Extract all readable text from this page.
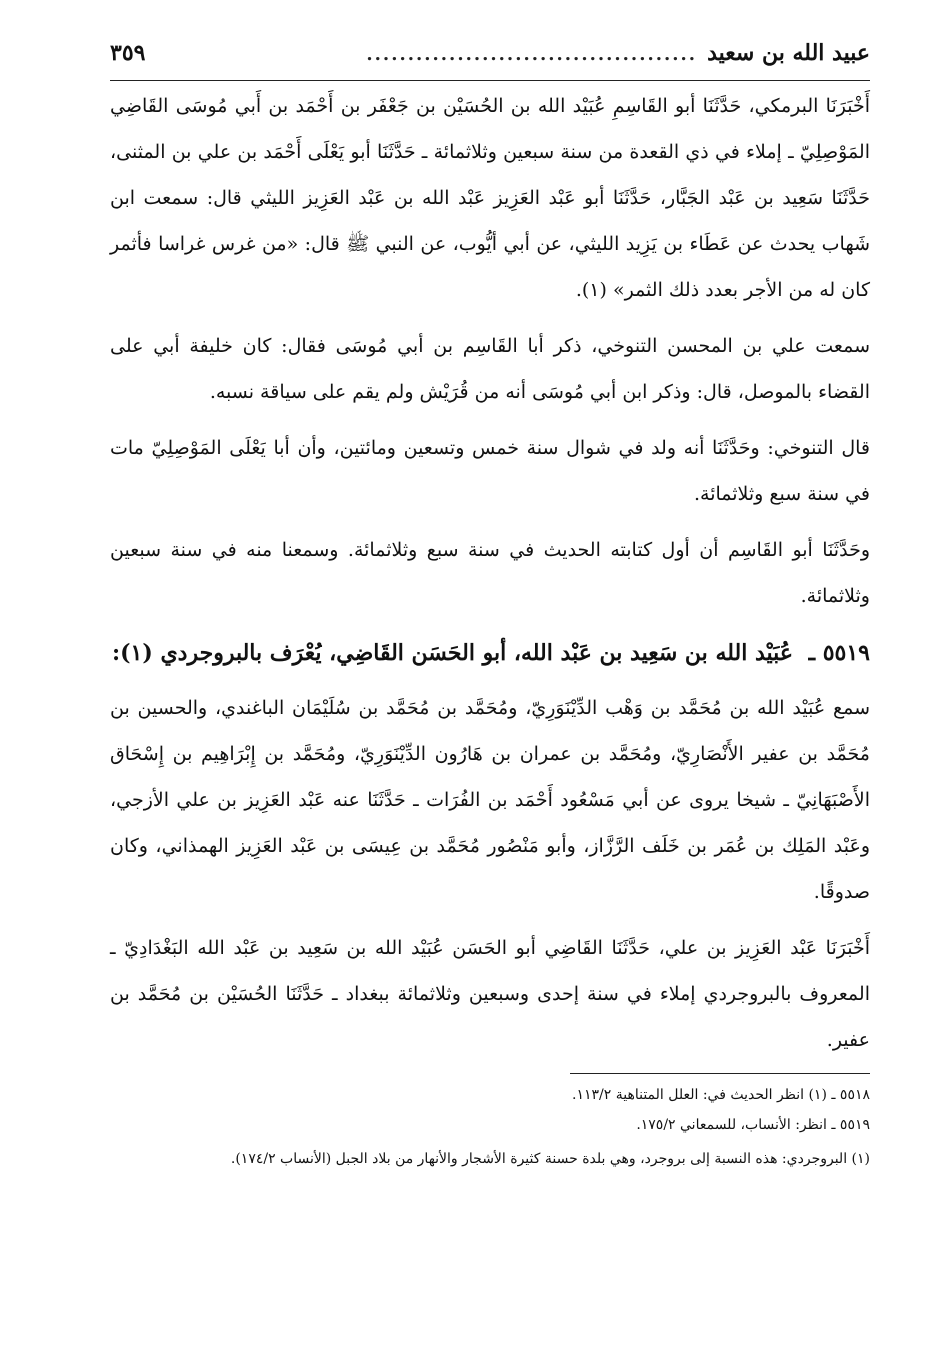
عبيد الله بن سعيد
........................................
٣٥٩

أَخْبَرَنَا البرمكي، حَدَّثَنَا أبو القَاسِمِ عُبَيْد الله بن الحُسَيْن بن جَعْفَر بن أَحْمَد بن أَبي مُوسَى القَاضِي المَوْصِلِيّ ـ إملاء في ذي القعدة من سنة سبعين وثلاثمائة ـ حَدَّثَنَا أبو يَعْلَى أَحْمَد بن علي بن المثنى، حَدَّثَنَا سَعِيد بن عَبْد الجَبَّار، حَدَّثَنَا أبو عَبْد العَزِيز عَبْد الله بن عَبْد العَزِيز الليثي قال: سمعت ابن شَهاب يحدث عن عَطَاء بن يَزِيد الليثي، عن أبي أيُّوب، عن النبي ﷺ قال: «من غرس غراسا فأثمر كان له من الأجر بعدد ذلك الثمر» (١).

سمعت علي بن المحسن التنوخي، ذكر أبا القَاسِم بن أبي مُوسَى فقال: كان خليفة أبي على القضاء بالموصل، قال: وذكر ابن أبي مُوسَى أنه من قُرَيْش ولم يقم على سياقة نسبه.

قال التنوخي: وحَدَّثَنَا أنه ولد في شوال سنة خمس وتسعين ومائتين، وأن أبا يَعْلَى المَوْصِلِيّ مات في سنة سبع وثلاثمائة.

وحَدَّثَنَا أبو القَاسِم أن أول كتابته الحديث في سنة سبع وثلاثمائة. وسمعنا منه في سنة سبعين وثلاثمائة.

٥٥١٩ ـ عُبَيْد الله بن سَعِيد بن عَبْد الله، أبو الحَسَن القَاضِي، يُعْرَف بالبروجردي (١):

سمع عُبَيْد الله بن مُحَمَّد بن وَهْب الدِّيْنَوَرِيّ، ومُحَمَّد بن مُحَمَّد بن سُلَيْمَان الباغندي، والحسين بن مُحَمَّد بن عفير الأَنْصَارِيّ، ومُحَمَّد بن عمران بن هَارُون الدِّيْنَوَرِيّ، ومُحَمَّد بن إِبْرَاهِيم بن إِسْحَاق الأَصْبَهَانِيّ ـ شيخا يروى عن أبي مَسْعُود أَحْمَد بن الفُرَات ـ حَدَّثَنَا عنه عَبْد العَزِيز بن علي الأزجي، وعَبْد المَلِك بن عُمَر بن خَلَف الرَّزَّاز، وأبو مَنْصُور مُحَمَّد بن عِيسَى بن عَبْد العَزِيز الهمذاني، وكان صدوقًا.

أَخْبَرَنَا عَبْد العَزِيز بن علي، حَدَّثَنَا القَاضِي أبو الحَسَن عُبَيْد الله بن سَعِيد بن عَبْد الله البَغْدَادِيّ ـ المعروف بالبروجردي إملاء في سنة إحدى وسبعين وثلاثمائة ببغداد ـ حَدَّثَنَا الحُسَيْن بن مُحَمَّد بن عفير.

٥٥١٨ ـ (١) انظر الحديث في: العلل المتناهية ١١٣/٢.

٥٥١٩ ـ انظر: الأنساب، للسمعاني ١٧٥/٢.

(١) البروجردي: هذه النسبة إلى بروجرد، وهي بلدة حسنة كثيرة الأشجار والأنهار من بلاد الجبل (الأنساب ١٧٤/٢).
